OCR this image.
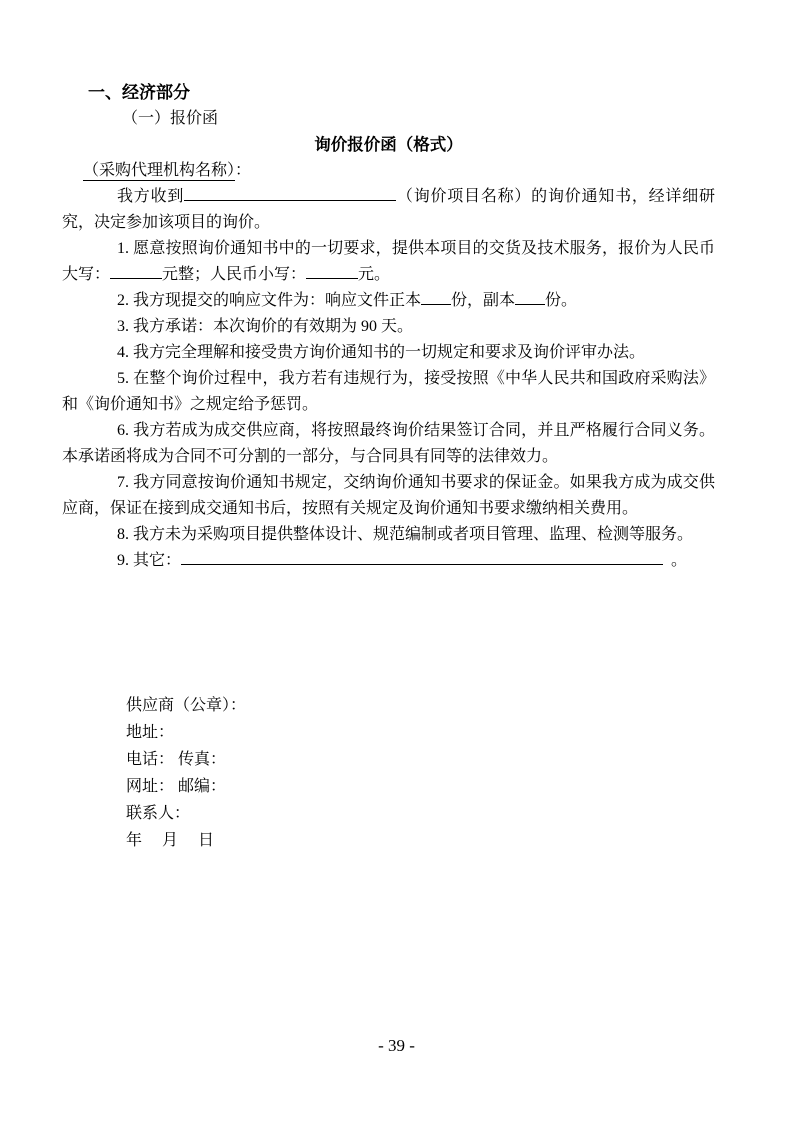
一、经济部分
（一）报价函
询价报价函（格式）
（采购代理机构名称）：

我方收到	（询价项目名称）的询价通知书，经详细研究，决定参加该项目的询价。

1. 愿意按照询价通知书中的一切要求，提供本项目的交货及技术服务，报价为人民币大写：	元整；人民币小写：	元。

2. 我方现提交的响应文件为：响应文件正本 份，副本 份。

3. 我方承诺：本次询价的有效期为 90 天。

4. 我方完全理解和接受贵方询价通知书的一切规定和要求及询价评审办法。

5. 在整个询价过程中，我方若有违规行为，接受按照《中华人民共和国政府采购法》和《询价通知书》之规定给予惩罚。

6. 我方若成为成交供应商，将按照最终询价结果签订合同，并且严格履行合同义务。本承诺函将成为合同不可分割的一部分，与合同具有同等的法律效力。

7. 我方同意按询价通知书规定，交纳询价通知书要求的保证金。如果我方成为成交供应商，保证在接到成交通知书后，按照有关规定及询价通知书要求缴纳相关费用。

8. 我方未为采购项目提供整体设计、规范编制或者项目管理、监理、检测等服务。

9. 其它：	。

供应商（公章）：
地址：
电话： 传真：
网址： 邮编：
联系人：
年　 月　 日
- 39 -
